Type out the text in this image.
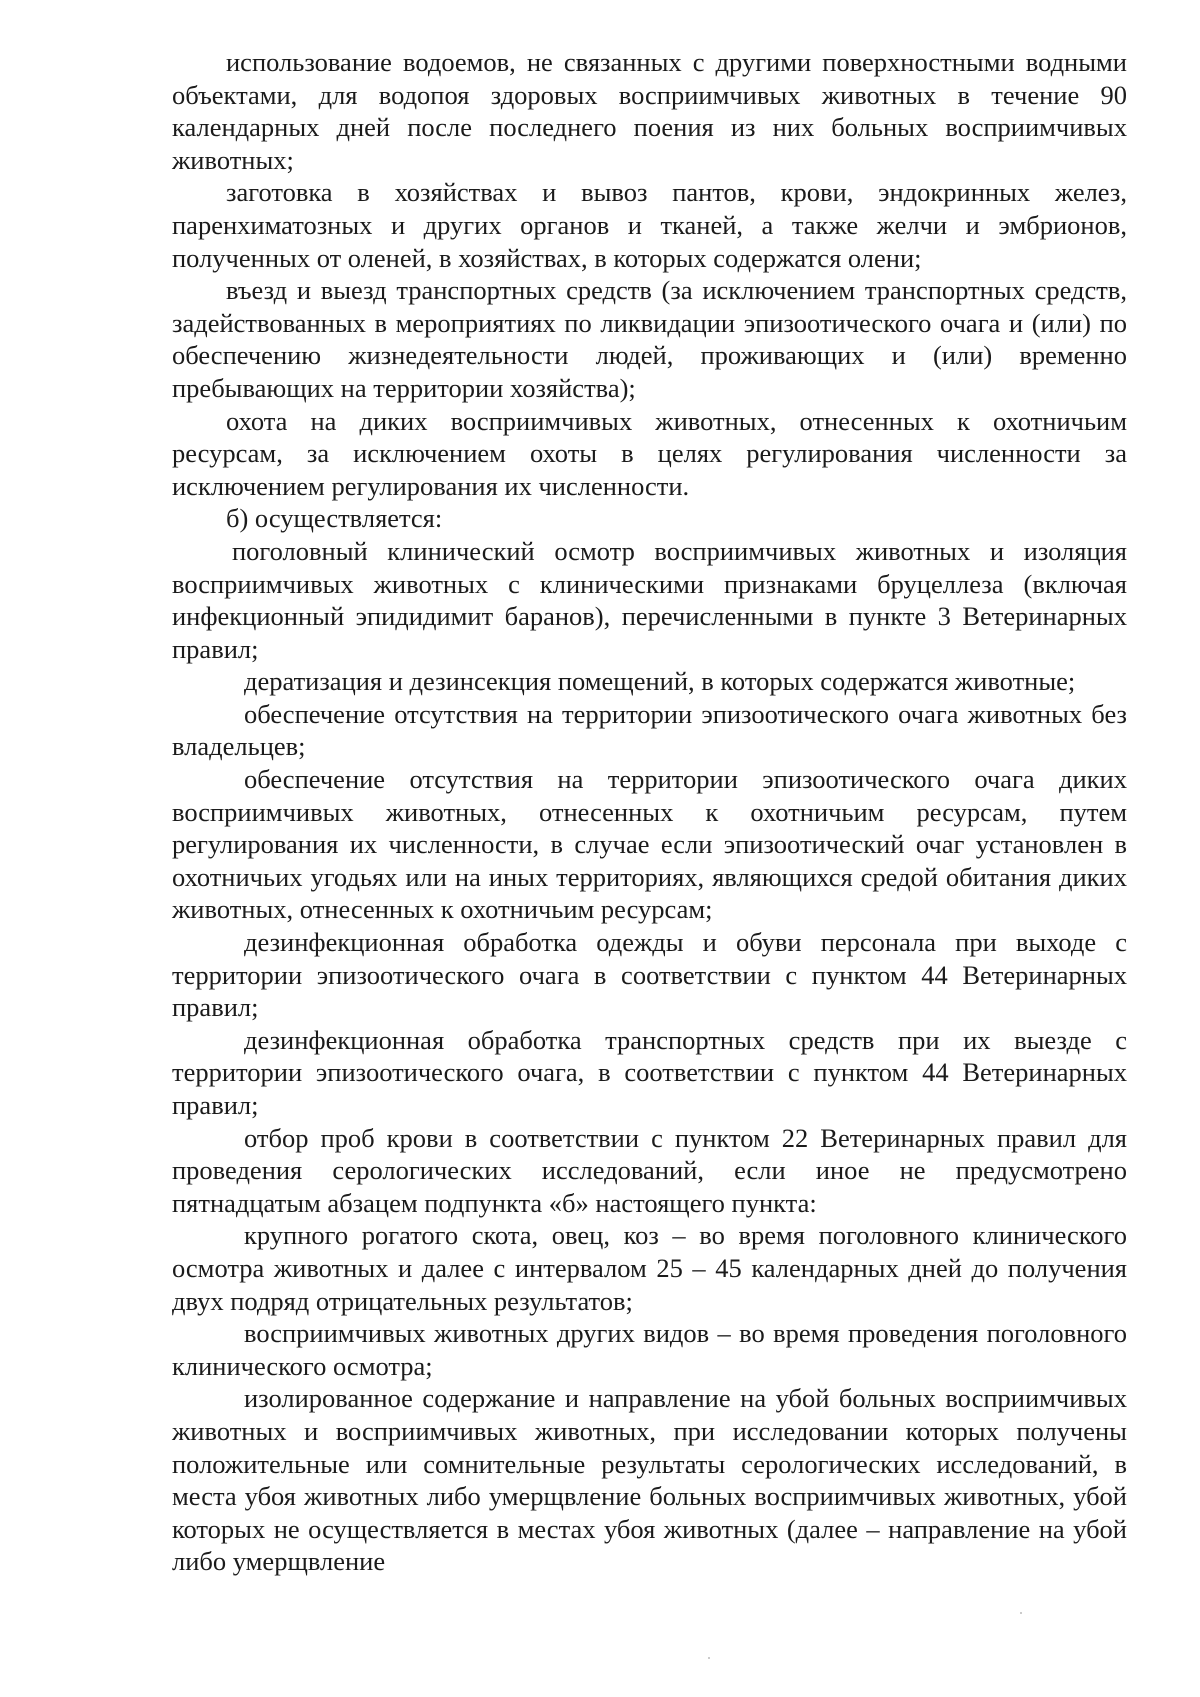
использование водоемов, не связанных с другими поверхностными водными объектами, для водопоя здоровых восприимчивых животных в течение 90 календарных дней после последнего поения из них больных восприимчивых животных;

заготовка в хозяйствах и вывоз пантов, крови, эндокринных желез, паренхиматозных и других органов и тканей, а также желчи и эмбрионов, полученных от оленей, в хозяйствах, в которых содержатся олени;

въезд и выезд транспортных средств (за исключением транспортных средств, задействованных в мероприятиях по ликвидации эпизоотического очага и (или) по обеспечению жизнедеятельности людей, проживающих и (или) временно пребывающих на территории хозяйства);

охота на диких восприимчивых животных, отнесенных к охотничьим ресурсам, за исключением охоты в целях регулирования численности за исключением регулирования их численности.

б) осуществляется:

поголовный клинический осмотр восприимчивых животных и изоляция восприимчивых животных с клиническими признаками бруцеллеза (включая инфекционный эпидидимит баранов), перечисленными в пункте 3 Ветеринарных правил;

дератизация и дезинсекция помещений, в которых содержатся животные;

обеспечение отсутствия на территории эпизоотического очага животных без владельцев;

обеспечение отсутствия на территории эпизоотического очага диких восприимчивых животных, отнесенных к охотничьим ресурсам, путем регулирования их численности, в случае если эпизоотический очаг установлен в охотничьих угодьях или на иных территориях, являющихся средой обитания диких животных, отнесенных к охотничьим ресурсам;

дезинфекционная обработка одежды и обуви персонала при выходе с территории эпизоотического очага в соответствии с пунктом 44 Ветеринарных правил;

дезинфекционная обработка транспортных средств при их выезде с территории эпизоотического очага, в соответствии с пунктом 44 Ветеринарных правил;

отбор проб крови в соответствии с пунктом 22 Ветеринарных правил для проведения серологических исследований, если иное не предусмотрено пятнадцатым абзацем подпункта «б» настоящего пункта:

крупного рогатого скота, овец, коз – во время поголовного клинического осмотра животных и далее с интервалом 25 – 45 календарных дней до получения двух подряд отрицательных результатов;

восприимчивых животных других видов – во время проведения поголовного клинического осмотра;

изолированное содержание и направление на убой больных восприимчивых животных и восприимчивых животных, при исследовании которых получены положительные или сомнительные результаты серологических исследований, в места убоя животных либо умерщвление больных восприимчивых животных, убой которых не осуществляется в местах убоя животных (далее – направление на убой либо умерщвление
